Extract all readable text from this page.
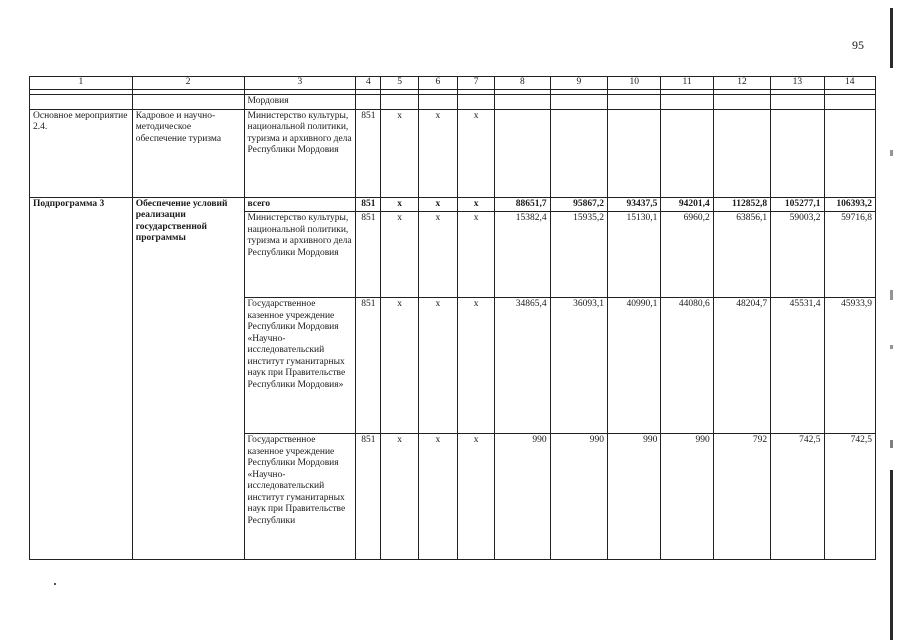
95
1	2	3	4	5	6	7	8	9	10	11	12	13	14

		Мордовия											
Основное мероприятие 2.4.	Кадровое и научно-методическое обеспечение туризма	Министерство культуры, национальной политики, туризма и архивного дела Республики Мордовия	851	х	х	х							
Подпрограмма 3	Обеспечение условий реализации государственной программы	всего	851	х	х	х	88651,7	95867,2	93437,5	94201,4	112852,8	105277,1	106393,2
		Министерство культуры, национальной политики, туризма и архивного дела Республики Мордовия	851	х	х	х	15382,4	15935,2	15130,1	6960,2	63856,1	59003,2	59716,8
		Государственное казенное учреждение Республики Мордовия «Научно-исследовательский институт гуманитарных наук при Правительстве Республики Мордовия»	851	х	х	х	34865,4	36093,1	40990,1	44080,6	48204,7	45531,4	45933,9
		Государственное казенное учреждение Республики Мордовия «Научно-исследовательский институт гуманитарных наук при Правительстве Республики	851	х	х	х	990	990	990	990	792	742,5	742,5
